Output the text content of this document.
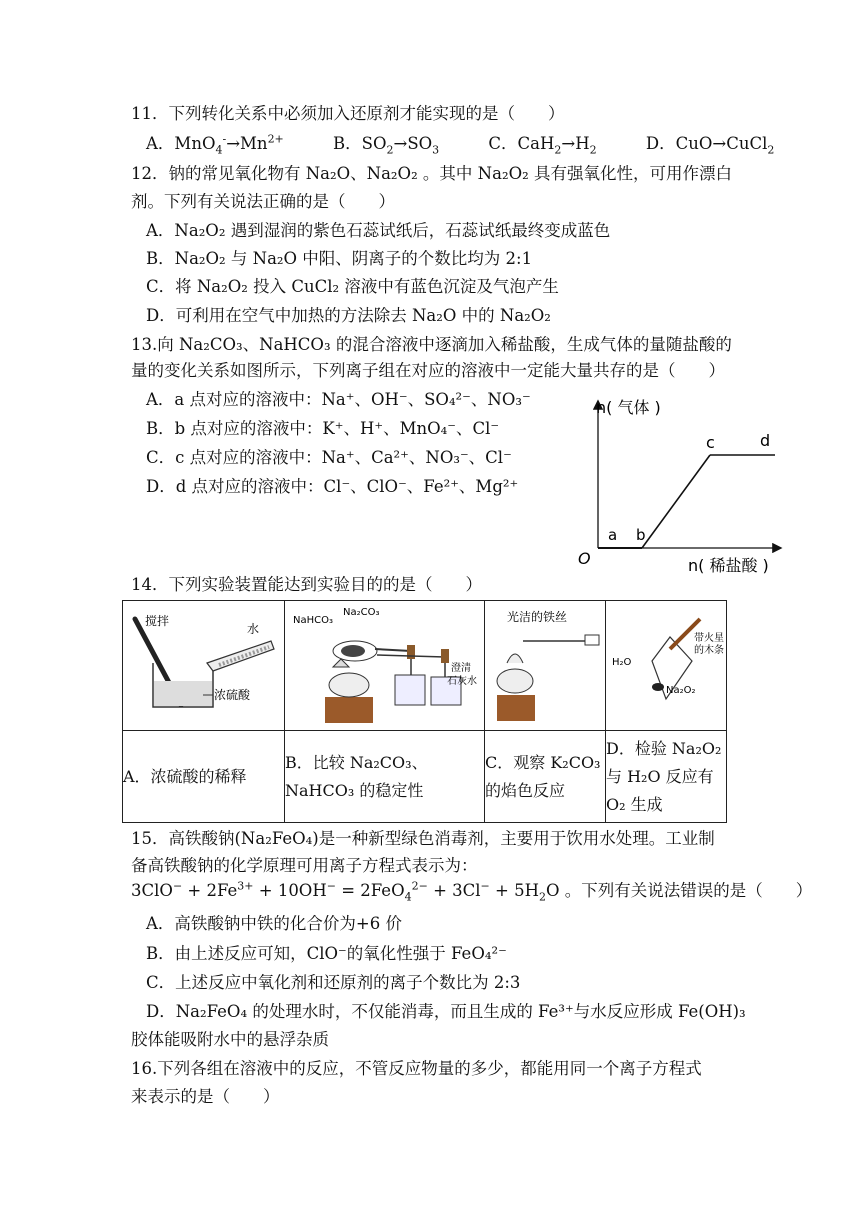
11．下列转化关系中必须加入还原剂才能实现的是（　　）
A．$MnO_4^-\to Mn^{2+}$	B．$SO_2\to SO_3$	C．$CaH_2\to H_2$	D．CuO→CuCl$_2$
12．钠的常见氧化物有 Na₂O、Na₂O₂ 。其中 Na₂O₂ 具有强氧化性，可用作漂白
剂。下列有关说法正确的是（　　）
A．Na₂O₂ 遇到湿润的紫色石蕊试纸后，石蕊试纸最终变成蓝色
B．Na₂O₂ 与 Na₂O 中阳、阴离子的个数比均为 2:1
C．将 Na₂O₂ 投入 CuCl₂ 溶液中有蓝色沉淀及气泡产生
D．可利用在空气中加热的方法除去 Na₂O 中的 Na₂O₂
13.向 Na₂CO₃、NaHCO₃ 的混合溶液中逐滴加入稀盐酸，生成气体的量随盐酸的
量的变化关系如图所示，下列离子组在对应的溶液中一定能大量共存的是（　　）
A．a 点对应的溶液中：Na⁺、OH⁻、SO₄²⁻、NO₃⁻
B．b 点对应的溶液中：K⁺、H⁺、MnO₄⁻、Cl⁻
C．c 点对应的溶液中：Na⁺、Ca²⁺、NO₃⁻、Cl⁻
D．d 点对应的溶液中：Cl⁻、ClO⁻、Fe²⁺、Mg²⁺
n( 气体 )
n( 稀盐酸 )
O
a b
c	d
14．下列实验装置能达到实验目的的是（　　）
搅拌
水
浓硫酸	NaHCO₃
Na₂CO₃
澄清
石灰水	光洁的铁丝	带火星
的木条
H₂O
Na₂O₂

A．浓硫酸的稀释	B．比较 Na₂CO₃、NaHCO₃ 的稳定性	C．观察 K₂CO₃ 的焰色反应	D．检验 Na₂O₂ 与 H₂O 反应有 O₂ 生成
15．高铁酸钠(Na₂FeO₄)是一种新型绿色消毒剂，主要用于饮用水处理。工业制
备高铁酸钠的化学原理可用离子方程式表示为：
$3ClO^- + 2Fe^{3+} + 10OH^- = 2FeO_4^{2-} + 3Cl^- + 5H_2O$ 。下列有关说法错误的是（　　）
A．高铁酸钠中铁的化合价为+6 价
B．由上述反应可知，ClO⁻的氧化性强于 FeO₄²⁻
C．上述反应中氧化剂和还原剂的离子个数比为 2:3
D．Na₂FeO₄ 的处理水时，不仅能消毒，而且生成的 Fe³⁺与水反应形成 Fe(OH)₃
胶体能吸附水中的悬浮杂质
16.下列各组在溶液中的反应，不管反应物量的多少，都能用同一个离子方程式
来表示的是（　　）
